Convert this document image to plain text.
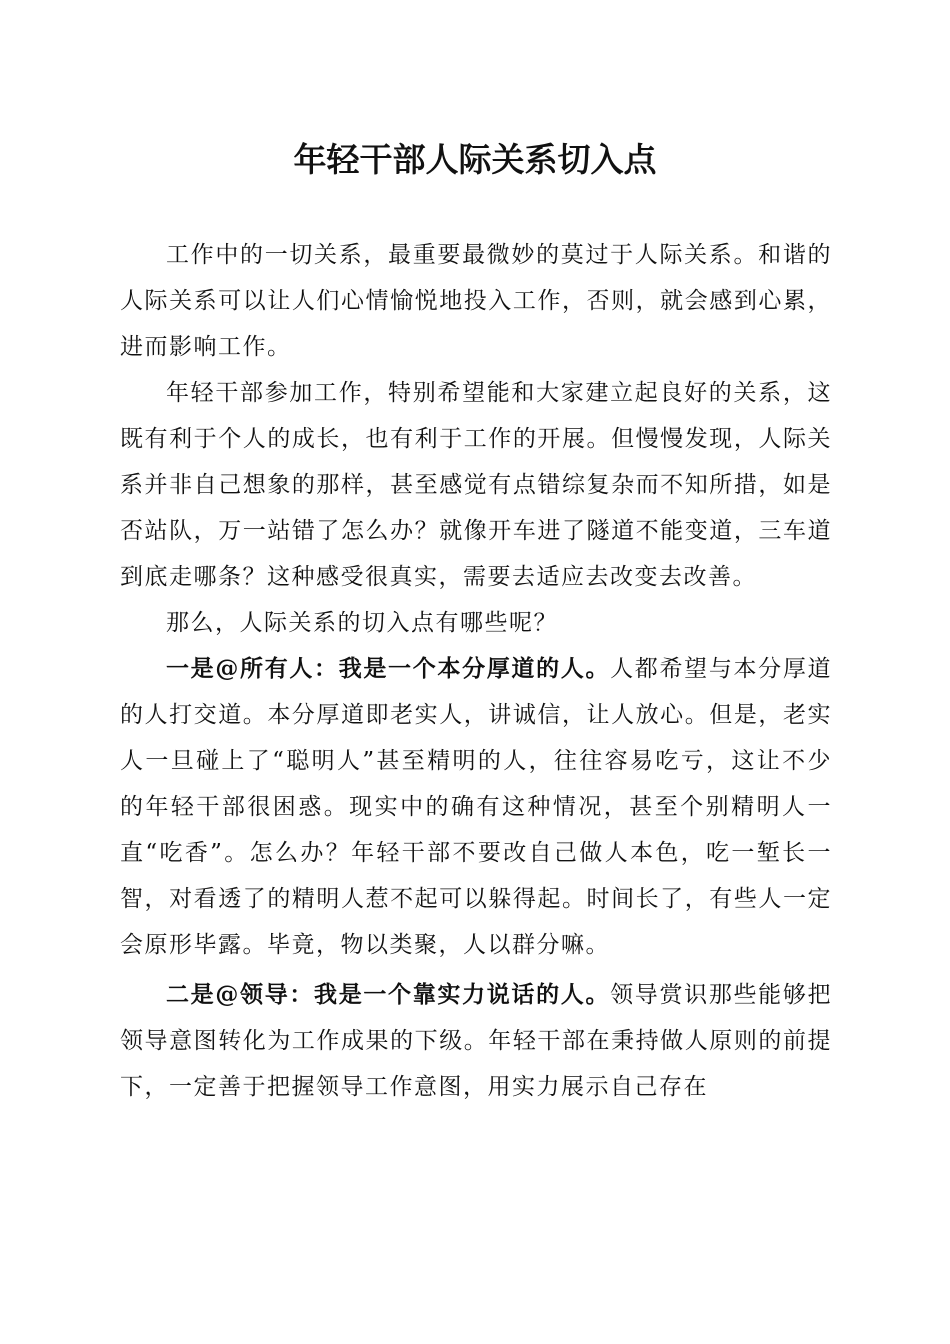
年轻干部人际关系切入点

工作中的一切关系，最重要最微妙的莫过于人际关系。和谐的人际关系可以让人们心情愉悦地投入工作，否则，就会感到心累，进而影响工作。

年轻干部参加工作，特别希望能和大家建立起良好的关系，这既有利于个人的成长，也有利于工作的开展。但慢慢发现，人际关系并非自己想象的那样，甚至感觉有点错综复杂而不知所措，如是否站队，万一站错了怎么办？就像开车进了隧道不能变道，三车道到底走哪条？这种感受很真实，需要去适应去改变去改善。

那么，人际关系的切入点有哪些呢？

一是@所有人：我是一个本分厚道的人。人都希望与本分厚道的人打交道。本分厚道即老实人，讲诚信，让人放心。但是，老实人一旦碰上了“聪明人”甚至精明的人，往往容易吃亏，这让不少的年轻干部很困惑。现实中的确有这种情况，甚至个别精明人一直“吃香”。怎么办？年轻干部不要改自己做人本色，吃一堑长一智，对看透了的精明人惹不起可以躲得起。时间长了，有些人一定会原形毕露。毕竟，物以类聚，人以群分嘛。

二是@领导：我是一个靠实力说话的人。领导赏识那些能够把领导意图转化为工作成果的下级。年轻干部在秉持做人原则的前提下，一定善于把握领导工作意图，用实力展示自己存在
